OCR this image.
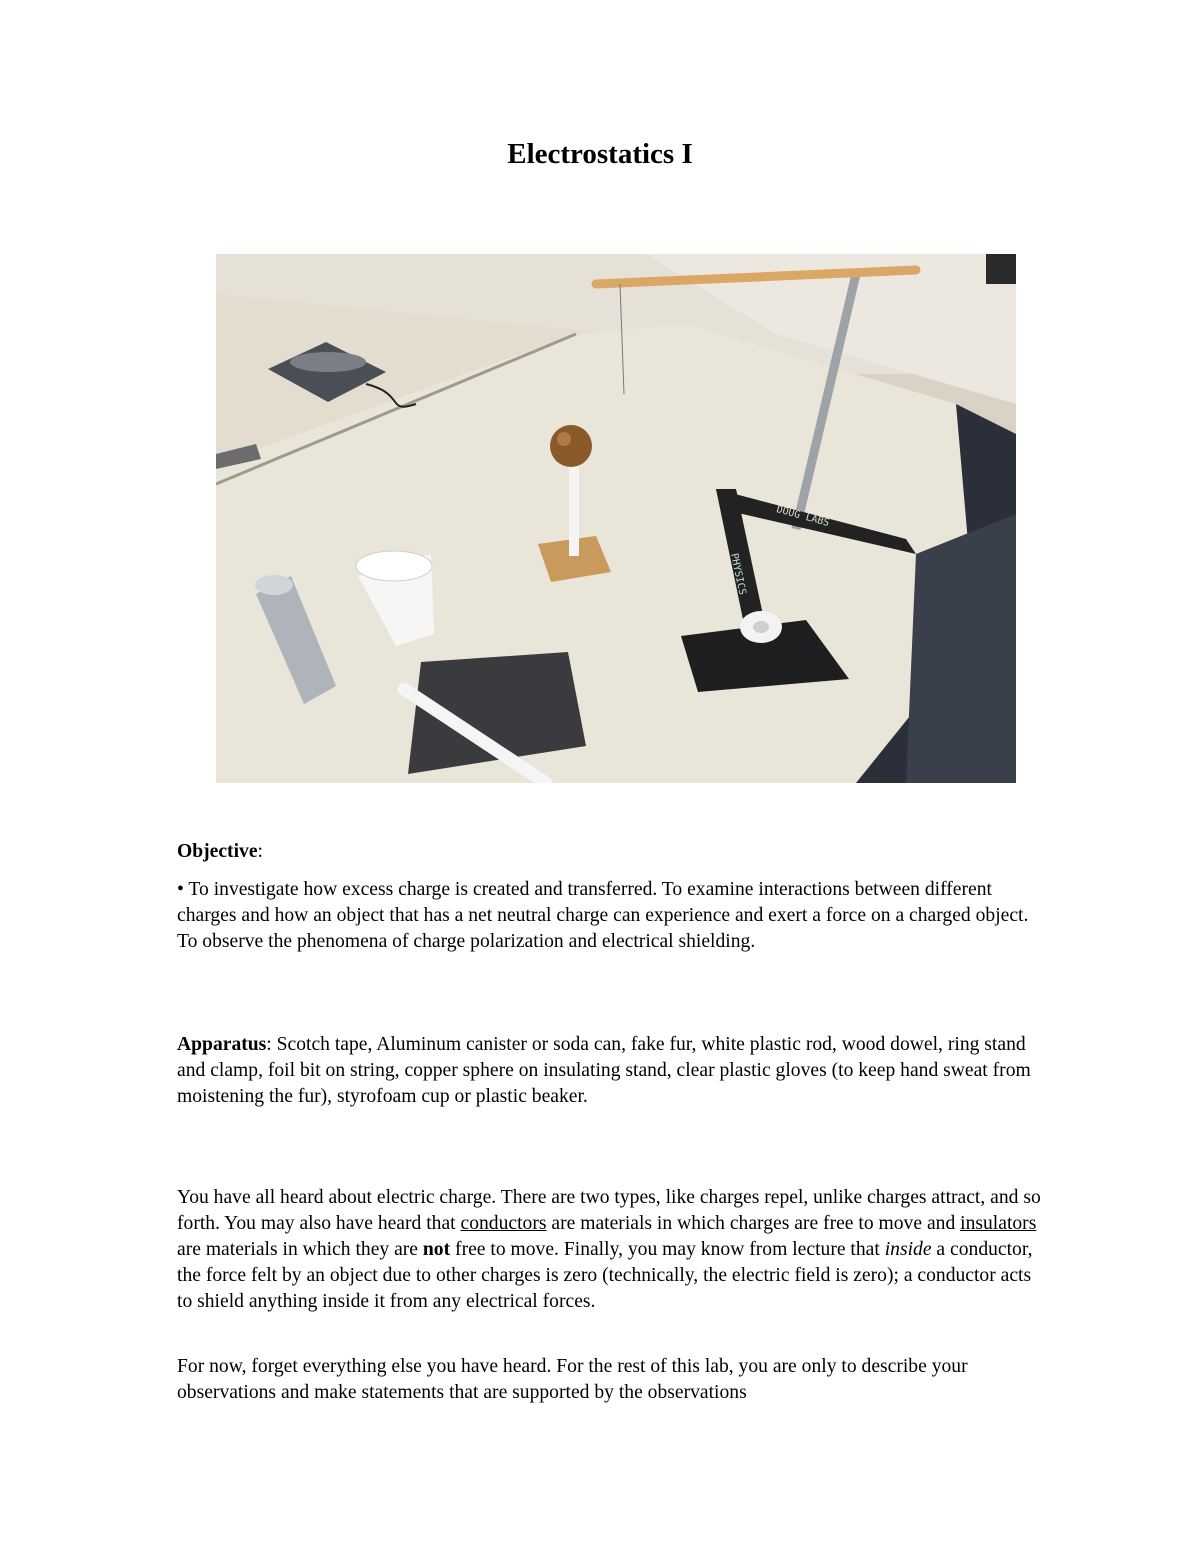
Electrostatics I
DOUG LABS
PHYSICS

Objective:

• To investigate how excess charge is created and transferred. To examine interactions between different charges and how an object that has a net neutral charge can experience and exert a force on a charged object. To observe the phenomena of charge polarization and electrical shielding.

Apparatus: Scotch tape, Aluminum canister or soda can, fake fur, white plastic rod, wood dowel, ring stand and clamp, foil bit on string, copper sphere on insulating stand, clear plastic gloves (to keep hand sweat from moistening the fur), styrofoam cup or plastic beaker.

You have all heard about electric charge. There are two types, like charges repel, unlike charges attract, and so forth. You may also have heard that conductors are materials in which charges are free to move and insulators are materials in which they are not free to move. Finally, you may know from lecture that inside a conductor, the force felt by an object due to other charges is zero (technically, the electric field is zero); a conductor acts to shield anything inside it from any electrical forces.

For now, forget everything else you have heard. For the rest of this lab, you are only to describe your observations and make statements that are supported by the observations
